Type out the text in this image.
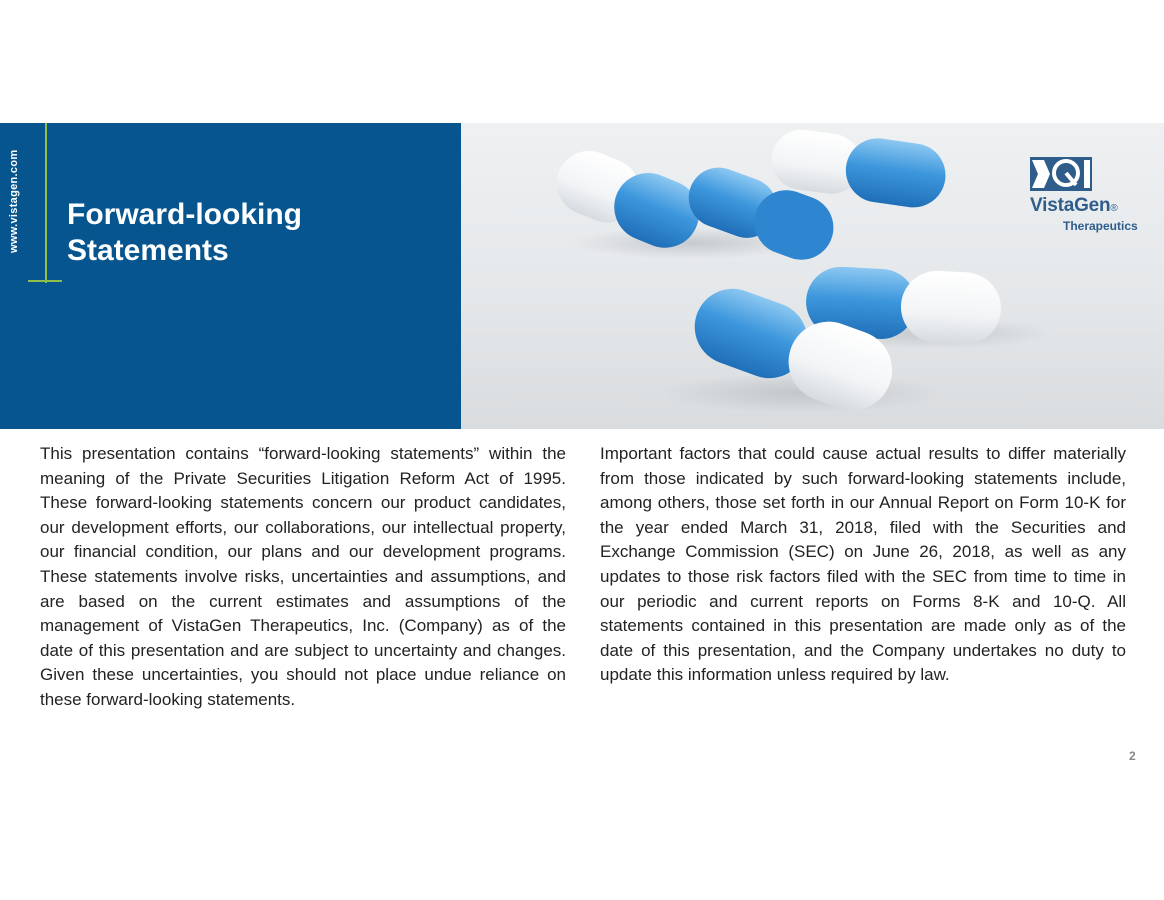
www.vistagen.com	Forward-looking
Statements
VistaGen®
Therapeutics

This presentation contains “forward-looking statements” within the meaning of the Private Securities Litigation Reform Act of 1995. These forward-looking statements concern our product candidates, our development efforts, our collaborations, our intellectual property, our financial condition, our plans and our development programs. These statements involve risks, uncertainties and assumptions, and are based on the current estimates and assumptions of the management of VistaGen Therapeutics, Inc. (Company) as of the date of this presentation and are subject to uncertainty and changes. Given these uncertainties, you should not place undue reliance on these forward-looking statements.

Important factors that could cause actual results to differ materially from those indicated by such forward-looking statements include, among others, those set forth in our Annual Report on Form 10-K for the year ended March 31, 2018, filed with the Securities and Exchange Commission (SEC) on June 26, 2018, as well as any updates to those risk factors filed with the SEC from time to time in our periodic and current reports on Forms 8-K and 10-Q. All statements contained in this presentation are made only as of the date of this presentation, and the Company undertakes no duty to update this information unless required by law.

2
